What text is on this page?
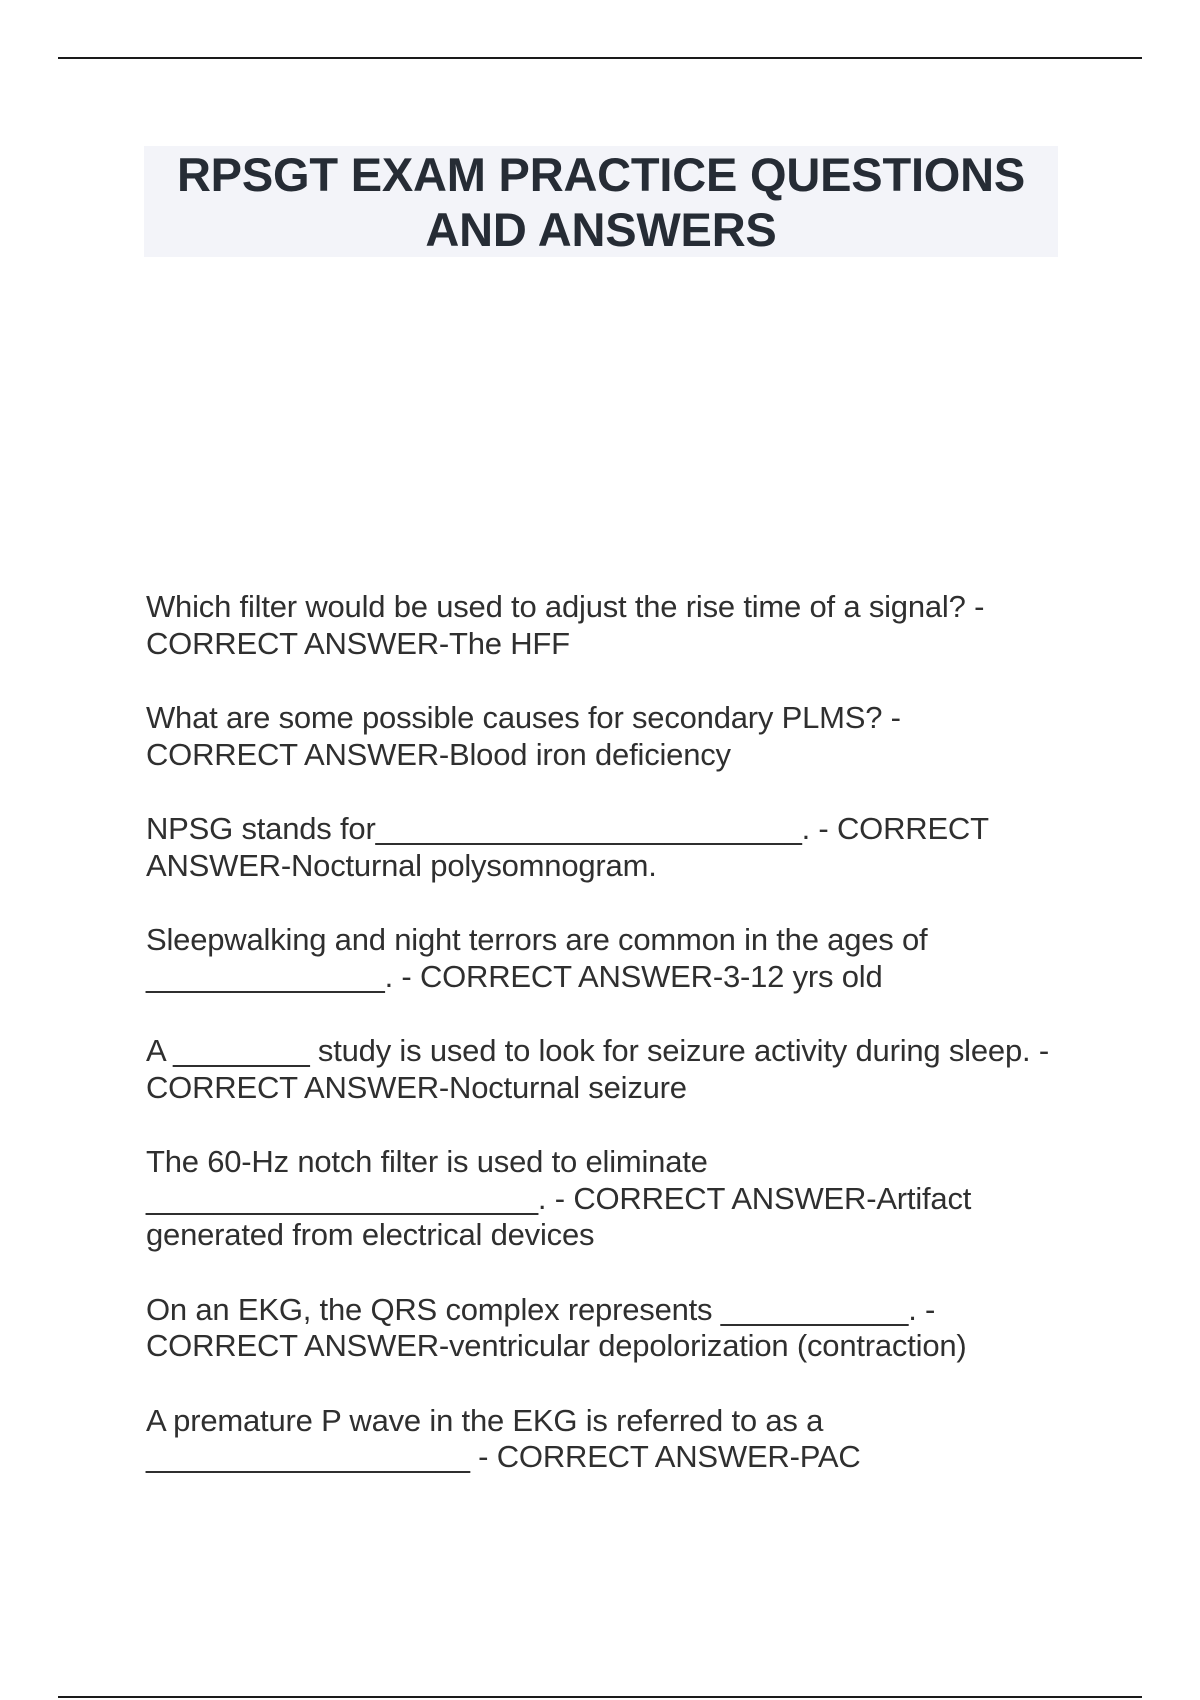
RPSGT EXAM PRACTICE QUESTIONS AND ANSWERS

Which filter would be used to adjust the rise time of a signal? - CORRECT ANSWER-The HFF

What are some possible causes for secondary PLMS? - CORRECT ANSWER-Blood iron deficiency

NPSG stands for_________________________. - CORRECT ANSWER-Nocturnal polysomnogram.

Sleepwalking and night terrors are common in the ages of ______________. - CORRECT ANSWER-3-12 yrs old

A ________ study is used to look for seizure activity during sleep. - CORRECT ANSWER-Nocturnal seizure

The 60-Hz notch filter is used to eliminate _______________________. - CORRECT ANSWER-Artifact generated from electrical devices

On an EKG, the QRS complex represents ___________. - CORRECT ANSWER-ventricular depolorization (contraction)

A premature P wave in the EKG is referred to as a ___________________ - CORRECT ANSWER-PAC
